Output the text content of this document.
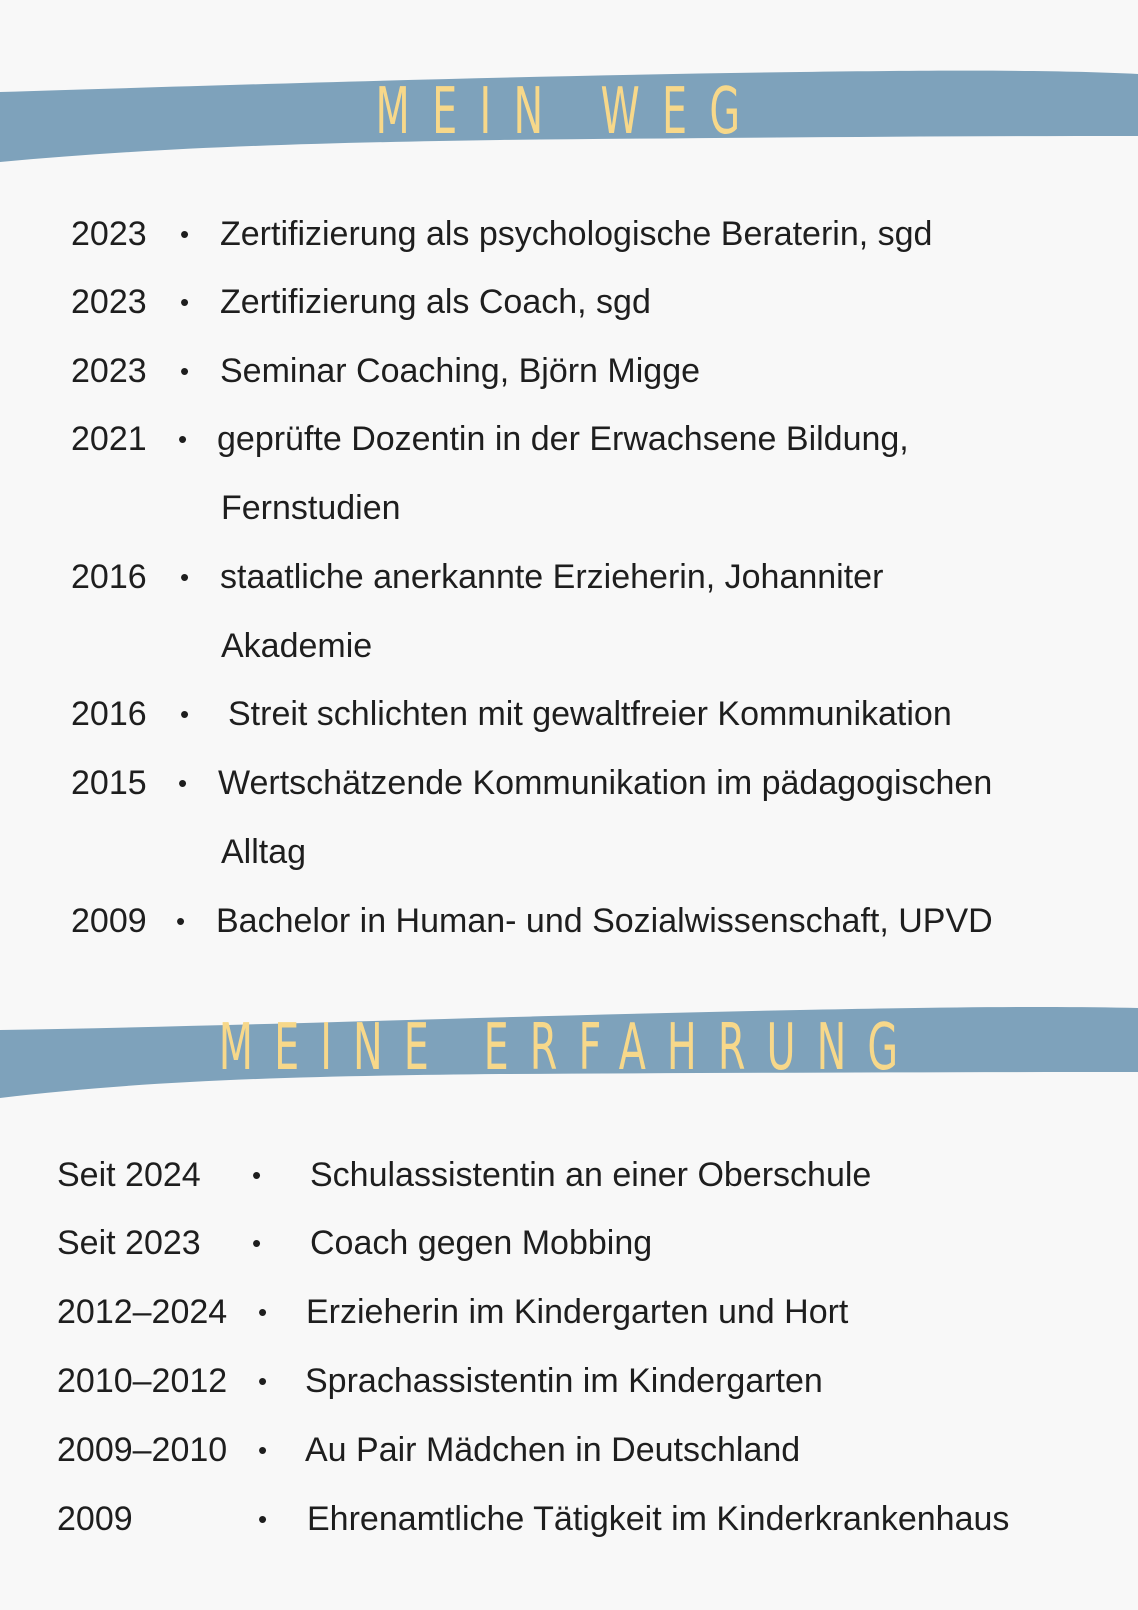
MEIN WEG
2023 • Zertifizierung als psychologische Beraterin, sgd
2023 • Zertifizierung als Coach, sgd
2023 • Seminar Coaching, Björn Migge
2021 • geprüfte Dozentin in der Erwachsene Bildung,
Fernstudien
2016 • staatliche anerkannte Erzieherin, Johanniter
Akademie
2016 • Streit schlichten mit gewaltfreier Kommunikation
2015 • Wertschätzende Kommunikation im pädagogischen
Alltag
2009 • Bachelor in Human- und Sozialwissenschaft, UPVD
MEINE ERFAHRUNG
Seit 2024 • Schulassistentin an einer Oberschule
Seit 2023 • Coach gegen Mobbing
2012–2024 • Erzieherin im Kindergarten und Hort
2010–2012 • Sprachassistentin im Kindergarten
2009–2010 • Au Pair Mädchen in Deutschland
2009	• Ehrenamtliche Tätigkeit im Kinderkrankenhaus
